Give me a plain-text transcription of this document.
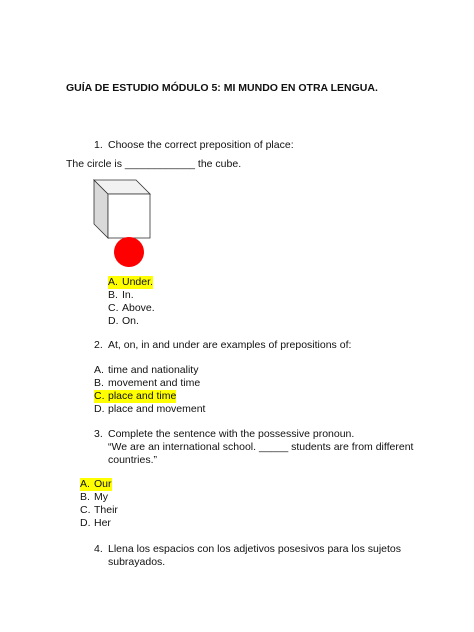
GUÍA DE ESTUDIO MÓDULO 5: MI MUNDO EN OTRA LENGUA.
1. Choose the correct preposition of place:
The circle is ____________ the cube.
A. Under.
B. In.
C. Above.
D. On.
2. At, on, in and under are examples of prepositions of:
A. time and nationality
B. movement and time
C. place and time
D. place and movement
3. Complete the sentence with the possessive pronoun.
“We are an international school. _____ students are from different
countries.”
A. Our
B. My
C. Their
D. Her
4. Llena los espacios con los adjetivos posesivos para los sujetos
subrayados.
